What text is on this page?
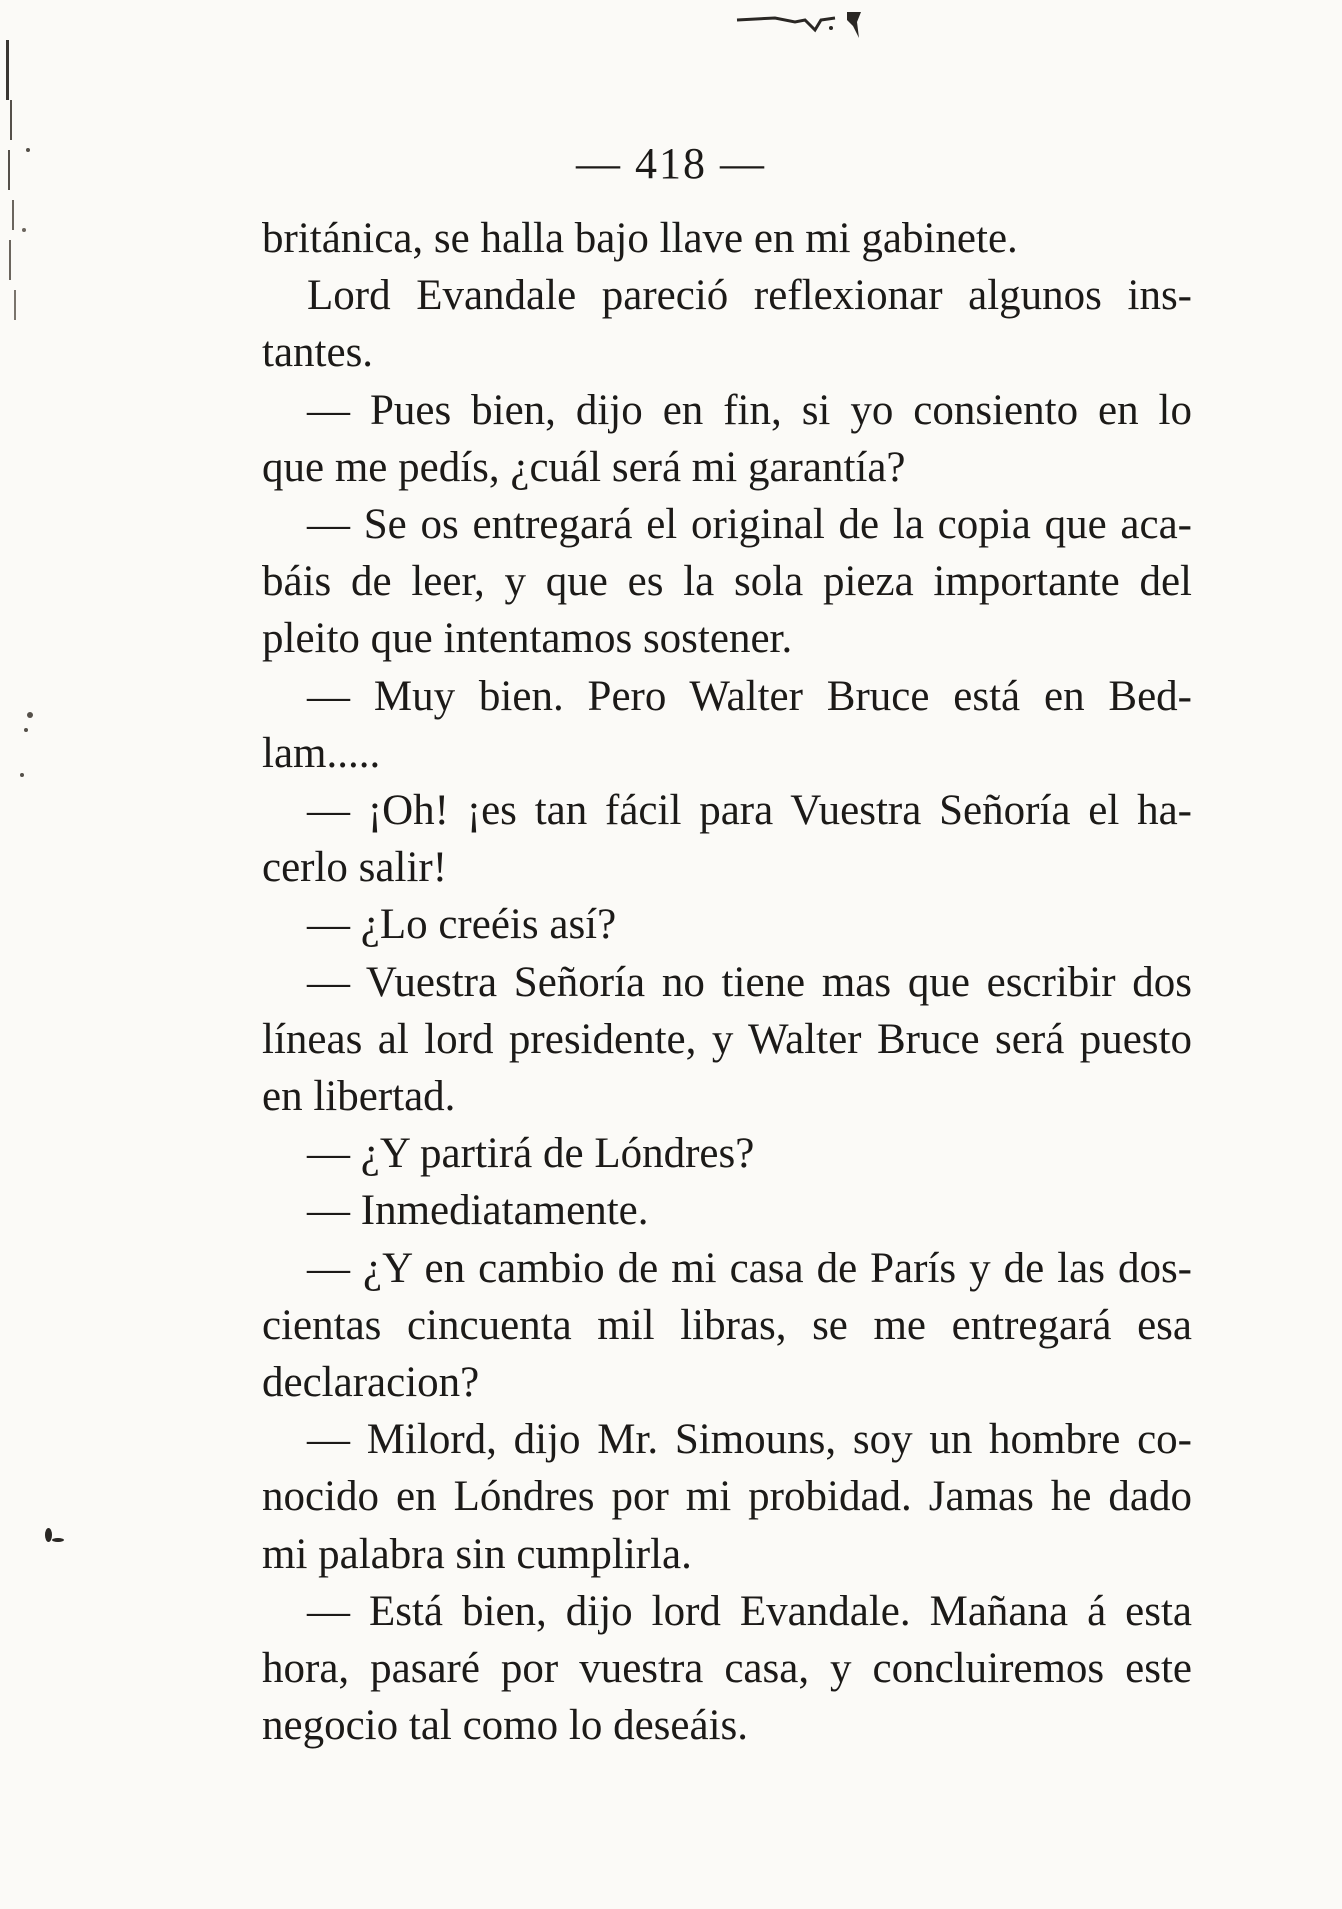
— 418 —
británica, se halla bajo llave en mi gabinete.
Lord Evandale pareció reflexionar algunos ins-
tantes.
— Pues bien, dijo en fin, si yo consiento en lo
que me pedís, ¿cuál será mi garantía?
— Se os entregará el original de la copia que aca-
báis de leer, y que es la sola pieza importante del
pleito que intentamos sostener.
— Muy bien. Pero Walter Bruce está en Bed-
lam.....
— ¡Oh! ¡es tan fácil para Vuestra Señoría el ha-
cerlo salir!
— ¿Lo creéis así?
— Vuestra Señoría no tiene mas que escribir dos
líneas al lord presidente, y Walter Bruce será puesto
en libertad.
— ¿Y partirá de Lóndres?
— Inmediatamente.
— ¿Y en cambio de mi casa de París y de las dos-
cientas cincuenta mil libras, se me entregará esa
declaracion?
— Milord, dijo Mr. Simouns, soy un hombre co-
nocido en Lóndres por mi probidad. Jamas he dado
mi palabra sin cumplirla.
— Está bien, dijo lord Evandale. Mañana á esta
hora, pasaré por vuestra casa, y concluiremos este
negocio tal como lo deseáis.
